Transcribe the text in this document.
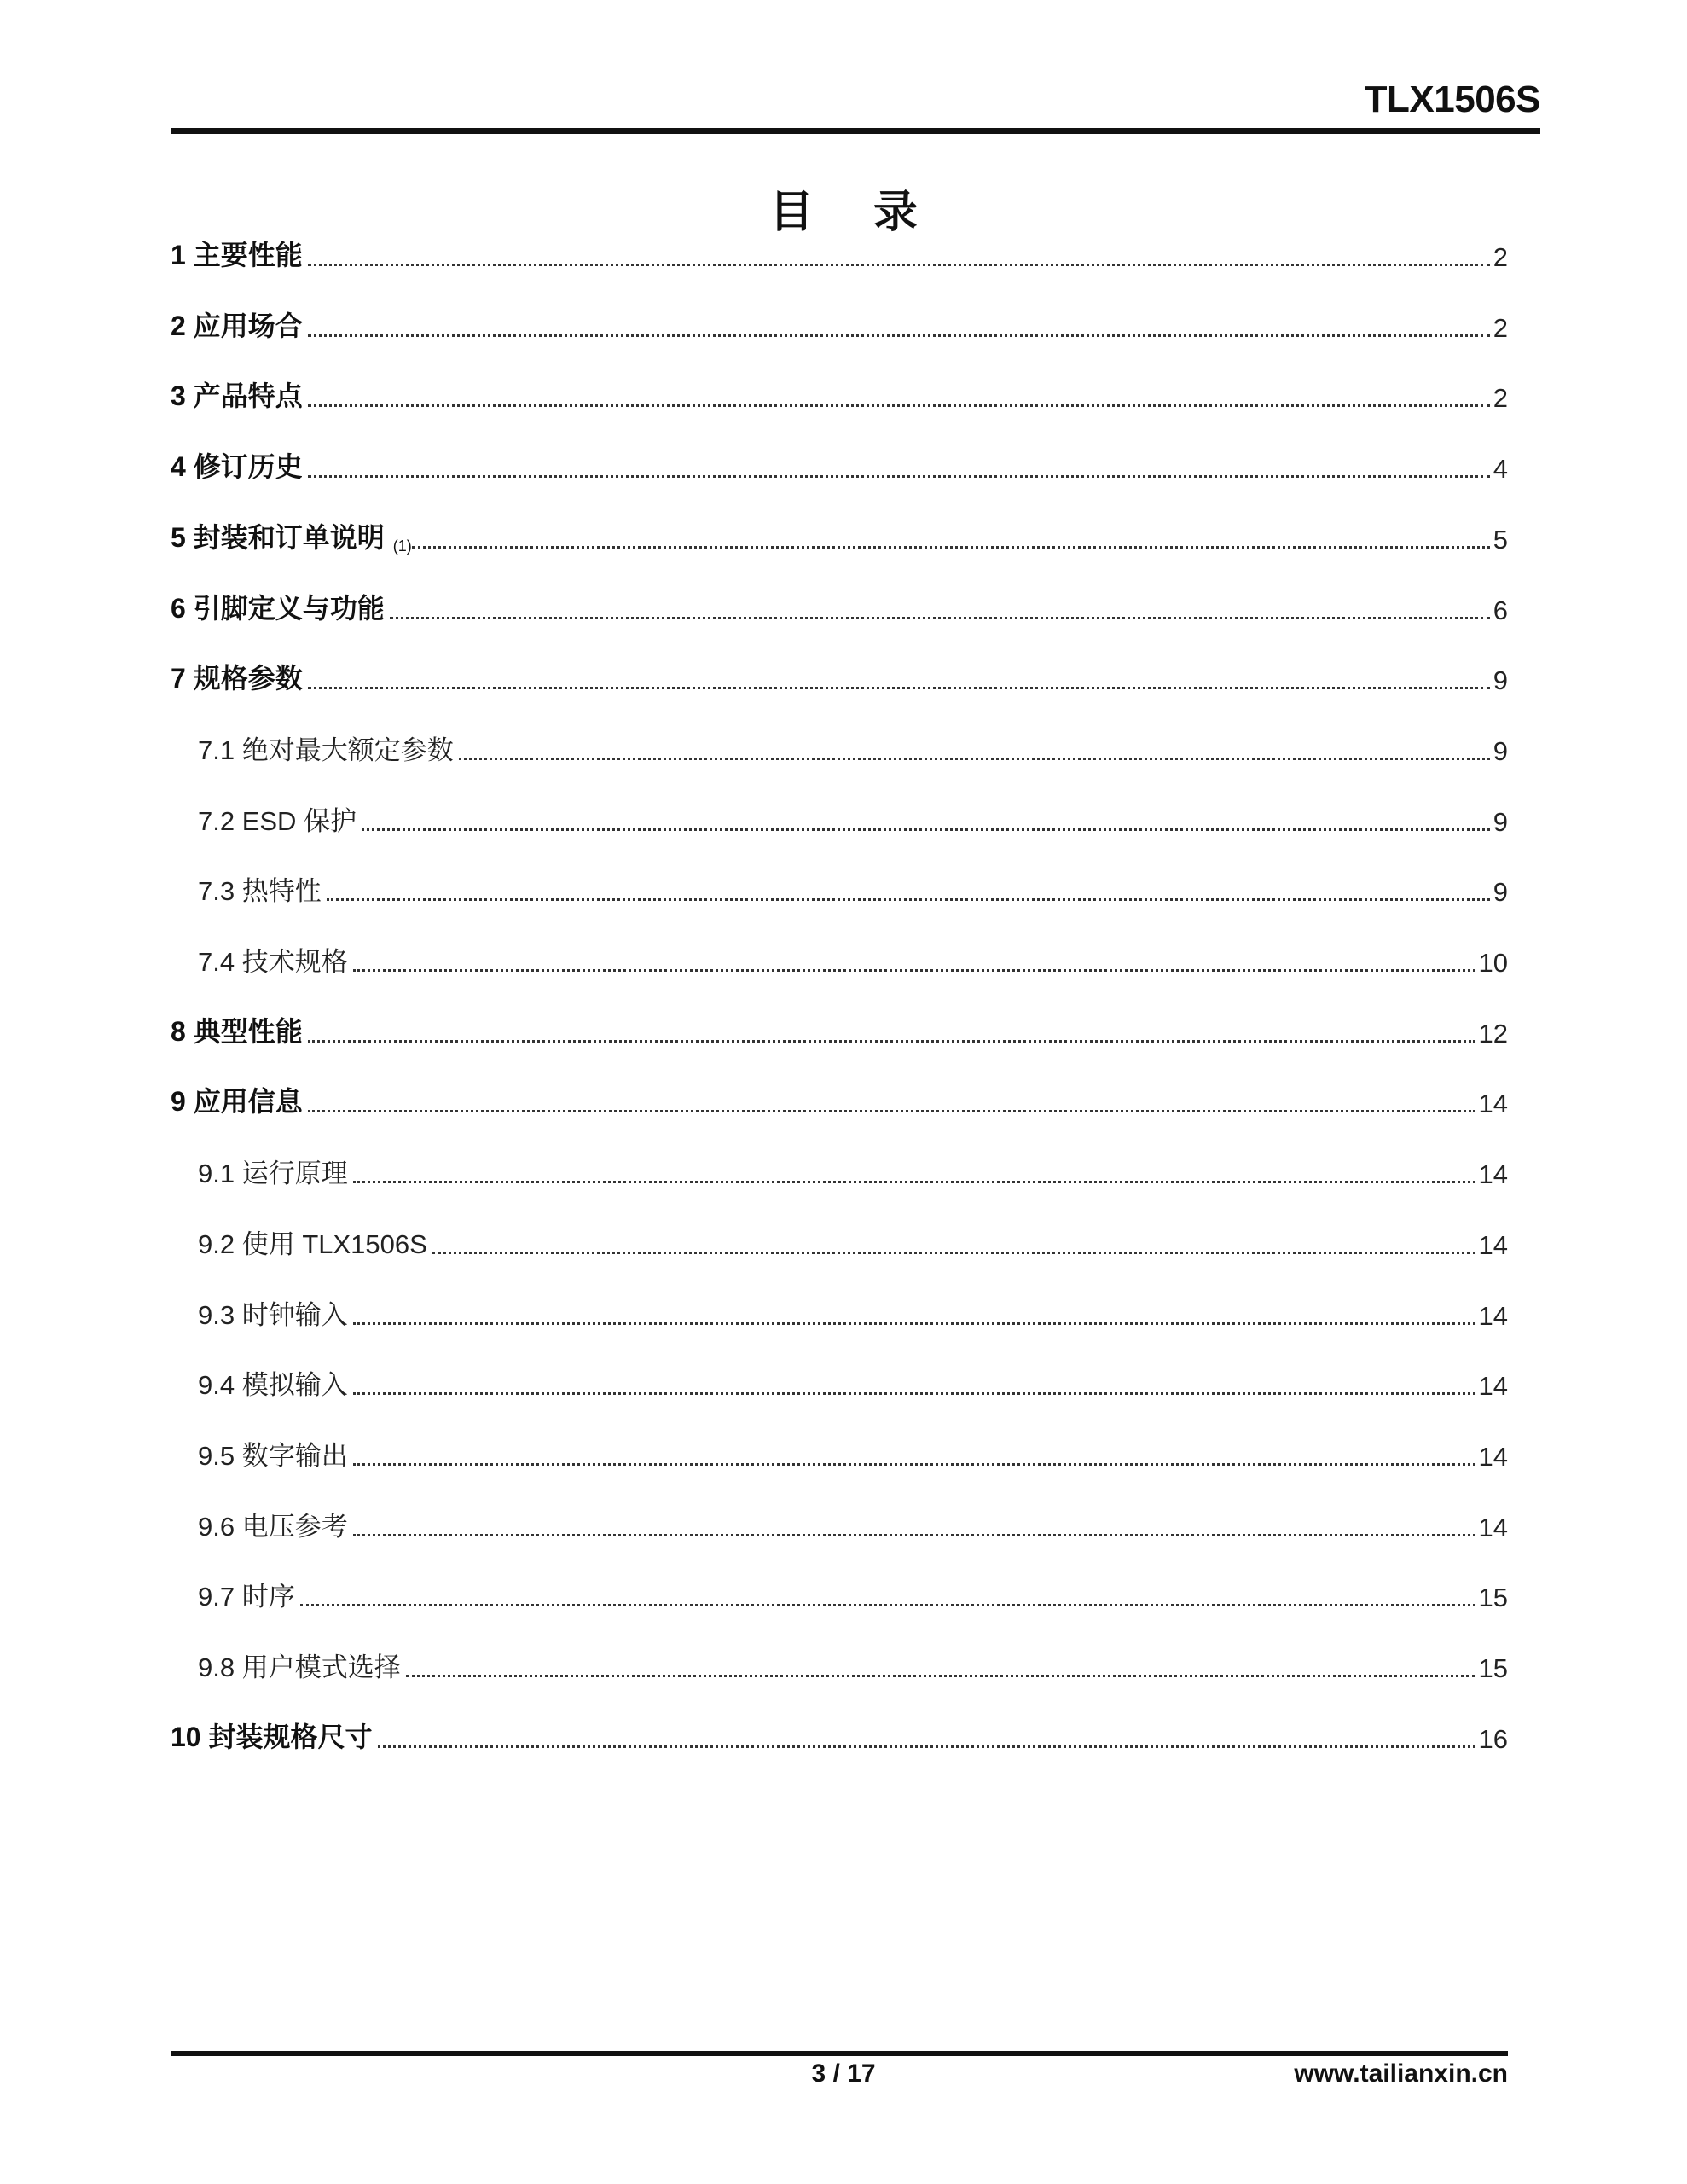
TLX1506S
目 录
1 主要性能	2
2 应用场合	2
3 产品特点	2
4 修订历史	4
5 封装和订单说明 (1)	5
6 引脚定义与功能	6
7 规格参数	9
7.1 绝对最大额定参数	9
7.2 ESD 保护	9
7.3 热特性	9
7.4 技术规格	10
8 典型性能	12
9 应用信息	14
9.1 运行原理	14
9.2 使用 TLX1506S	14
9.3 时钟输入	14
9.4 模拟输入	14
9.5 数字输出	14
9.6 电压参考	14
9.7 时序	15
9.8 用户模式选择	15
10 封装规格尺寸	16
3 / 17	www.tailianxin.cn
